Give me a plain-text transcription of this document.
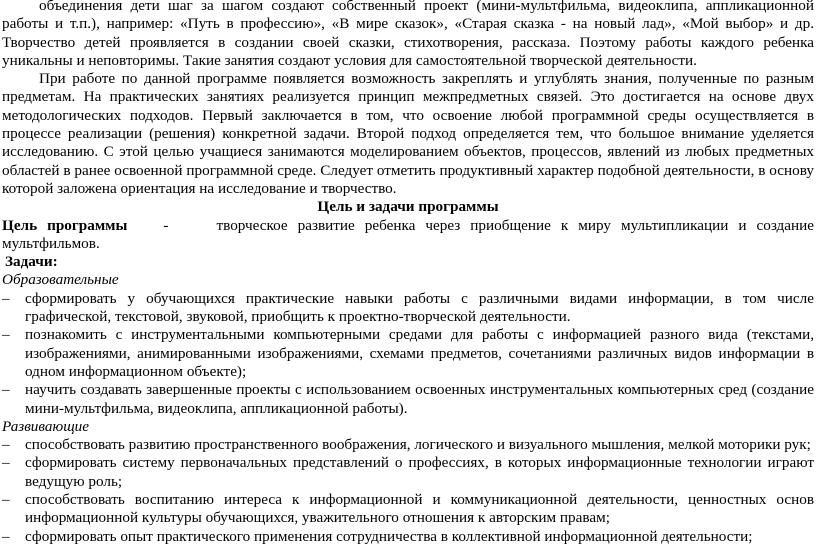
объединения дети шаг за шагом создают собственный проект (мини-мультфильма, видеоклипа, аппликационной работы и т.п.), например: «Путь в профессию», «В мире сказок», «Старая сказка - на новый лад», «Мой выбор» и др. Творчество детей проявляется в создании своей сказки, стихотворения, рассказа. Поэтому работы каждого ребенка уникальны и неповторимы. Такие занятия создают условия для самостоятельной творческой деятельности.

При работе по данной программе появляется возможность закреплять и углублять знания, полученные по разным предметам. На практических занятиях реализуется принцип межпредметных связей. Это достигается на основе двух методологических подходов. Первый заключается в том, что освоение любой программной среды осуществляется в процессе реализации (решения) конкретной задачи. Второй подход определяется тем, что большое внимание уделяется исследованию. С этой целью учащиеся занимаются моделированием объектов, процессов, явлений из любых предметных областей в ранее освоенной программной среде. Следует отметить продуктивный характер подобной деятельности, в основу которой заложена ориентация на исследование и творчество.

Цель и задачи программы

Цель программы -	творческое развитие ребенка через приобщение к миру мультипликации и создание мультфильмов.

Задачи:

Образовательные

– сформировать у обучающихся практические навыки работы с различными видами информации, в том числе графической, текстовой, звуковой, приобщить к проектно-творческой деятельности.
– познакомить с инструментальными компьютерными средами для работы с информацией разного вида (текстами, изображениями, анимированными изображениями, схемами предметов, сочетаниями различных видов информации в одном информационном объекте);
– научить создавать завершенные проекты с использованием освоенных инструментальных компьютерных сред (создание мини-мультфильма, видеоклипа, аппликационной работы).

Развивающие

– способствовать развитию пространственного воображения, логического и визуального мышления, мелкой моторики рук;
– сформировать систему первоначальных представлений о профессиях, в которых информационные технологии играют ведущую роль;
– способствовать воспитанию интереса к информационной и коммуникационной деятельности, ценностных основ информационной культуры обучающихся, уважительного отношения к авторским правам;
– сформировать опыт практического применения сотрудничества в коллективной информационной деятельности;
